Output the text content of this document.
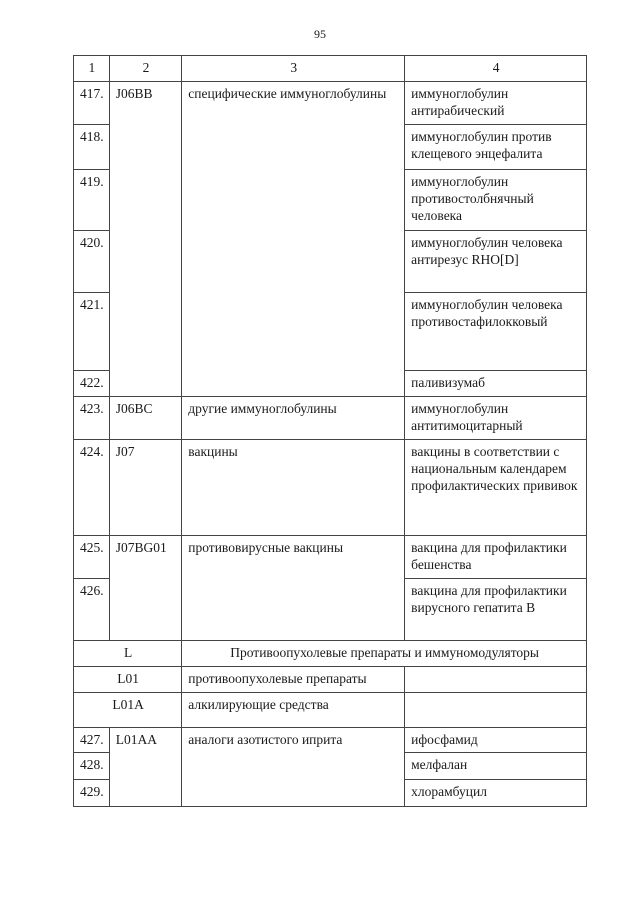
95
1	2	3	4
417.	J06BB	специфические иммуноглобулины	иммуноглобулин антирабический
418.			иммуноглобулин против клещевого энцефалита
419.			иммуноглобулин противостолбнячный человека
420.			иммуноглобулин человека антирезус RHO[D]
421.			иммуноглобулин человека противостафилокковый
422.			паливизумаб
423.	J06BC	другие иммуноглобулины	иммуноглобулин антитимоцитарный
424.	J07	вакцины	вакцины в соответствии с национальным календарем профилактических прививок
425.	J07BG01	противовирусные вакцины	вакцина для профилактики бешенства
426.			вакцина для профилактики вирусного гепатита В
L		Противоопухолевые препараты и иммуномодуляторы	
L01		противоопухолевые препараты	
L01A		алкилирующие средства	
427.	L01AA	аналоги азотистого иприта	ифосфамид
428.			мелфалан
429.			хлорамбуцил
